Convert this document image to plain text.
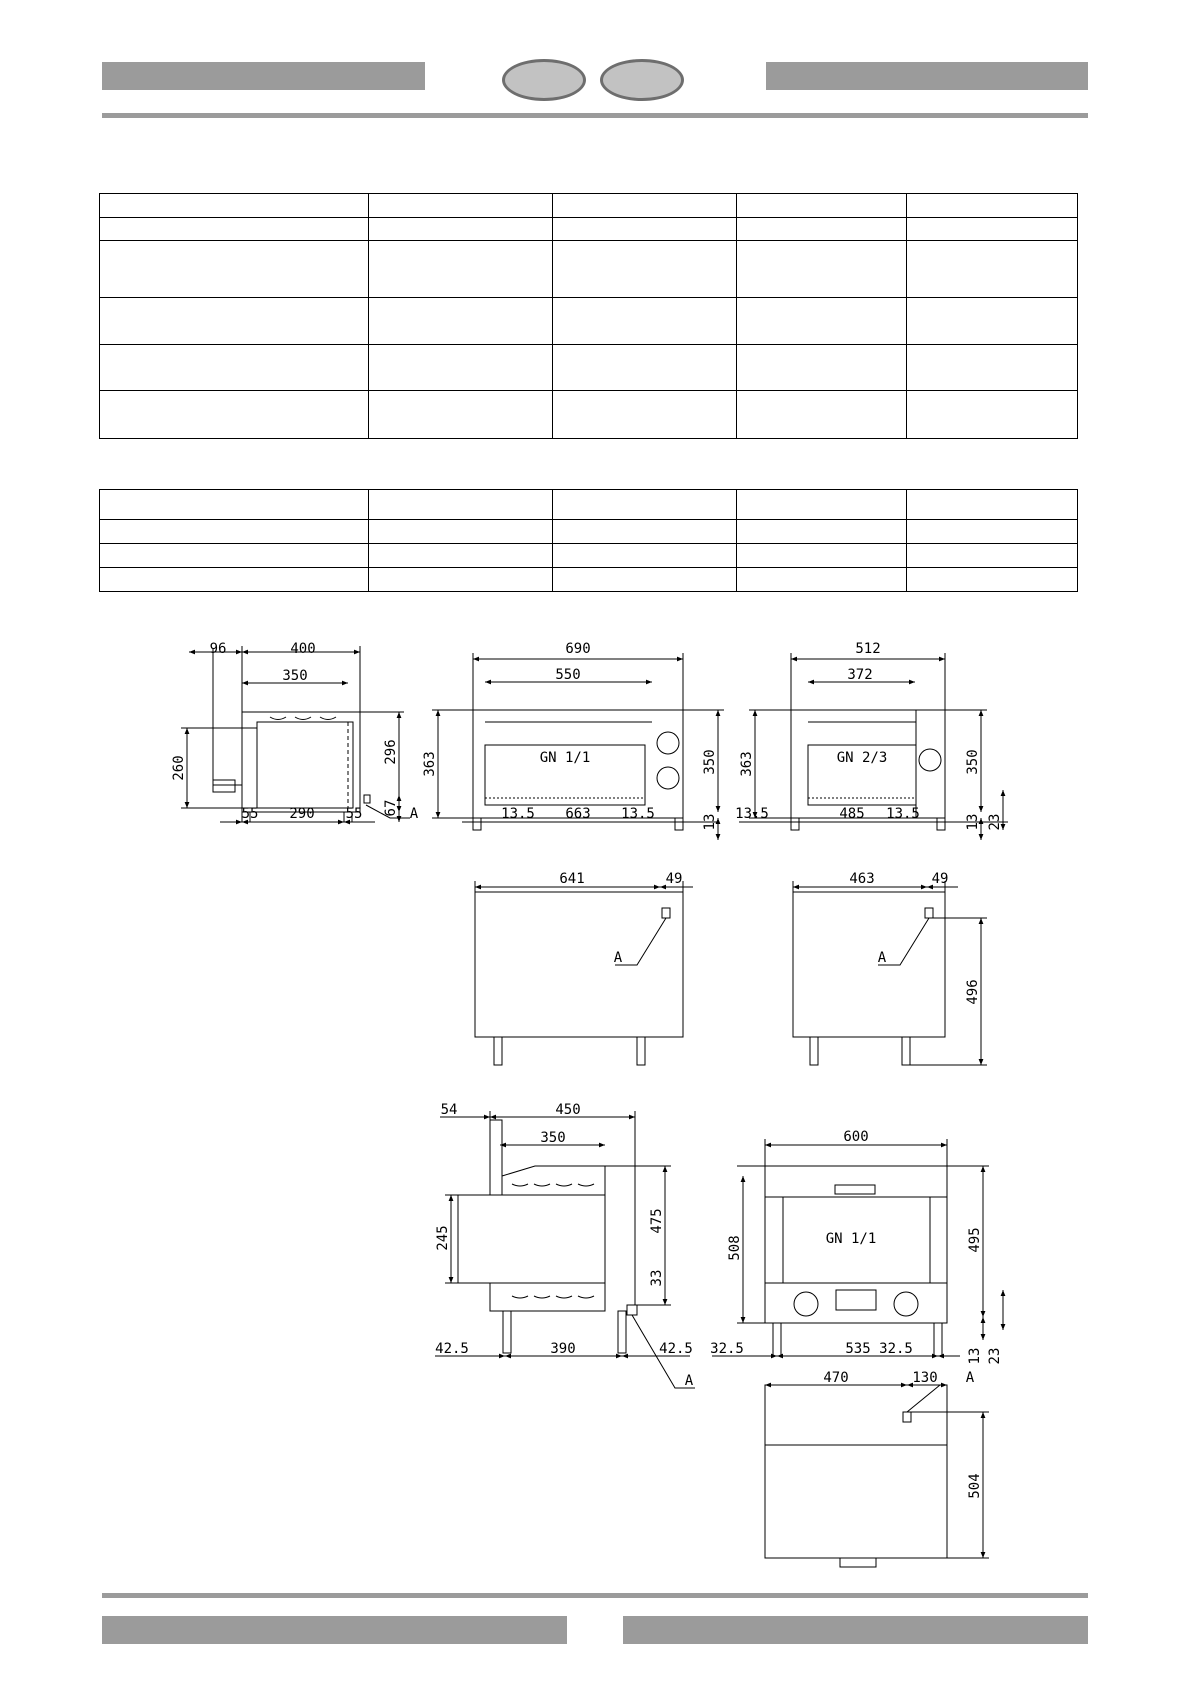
96	400
350
260
296
67
55 290 55	A
690
550
363	350
13.5 663 13.5	13
GN 1/1
512
372
363	350
13.5	485 13.5	13 23
GN 2/3
641	49
A
463	49
496
A
54	450
350
245
475
33
42.5	390	42.5
A
600
508	495
32.5	535 32.5	13 23
GN 1/1
470	130 A
504
